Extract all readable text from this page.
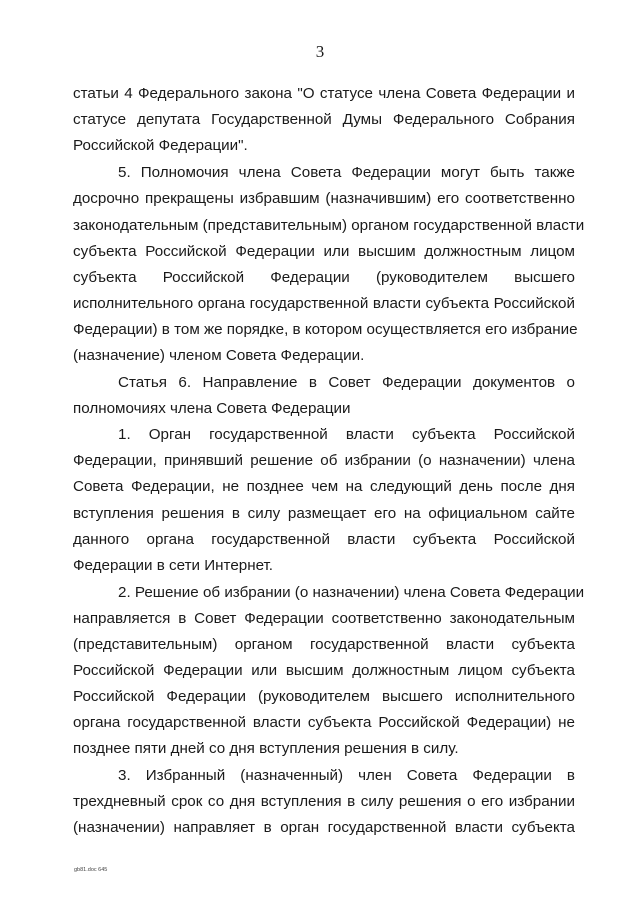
3
статьи 4 Федерального закона "О статусе члена Совета Федерации и
статусе депутата Государственной Думы Федерального Собрания
Российской Федерации".
5. Полномочия члена Совета Федерации могут быть также
досрочно прекращены избравшим (назначившим) его соответственно
законодательным (представительным) органом государственной власти
субъекта Российской Федерации или высшим должностным лицом
субъекта Российской Федерации (руководителем высшего
исполнительного органа государственной власти субъекта Российской
Федерации) в том же порядке, в котором осуществляется его избрание
(назначение) членом Совета Федерации.
Статья 6. Направление в Совет Федерации документов о
полномочиях члена Совета Федерации
1. Орган государственной власти субъекта Российской
Федерации, принявший решение об избрании (о назначении) члена
Совета Федерации, не позднее чем на следующий день после дня
вступления решения в силу размещает его на официальном сайте
данного органа государственной власти субъекта Российской
Федерации в сети Интернет.
2. Решение об избрании (о назначении) члена Совета Федерации
направляется в Совет Федерации соответственно законодательным
(представительным) органом государственной власти субъекта
Российской Федерации или высшим должностным лицом субъекта
Российской Федерации (руководителем высшего исполнительного
органа государственной власти субъекта Российской Федерации) не
позднее пяти дней со дня вступления решения в силу.
3. Избранный (назначенный) член Совета Федерации в
трехдневный срок со дня вступления в силу решения о его избрании
(назначении) направляет в орган государственной власти субъекта
gb81.doc 645
